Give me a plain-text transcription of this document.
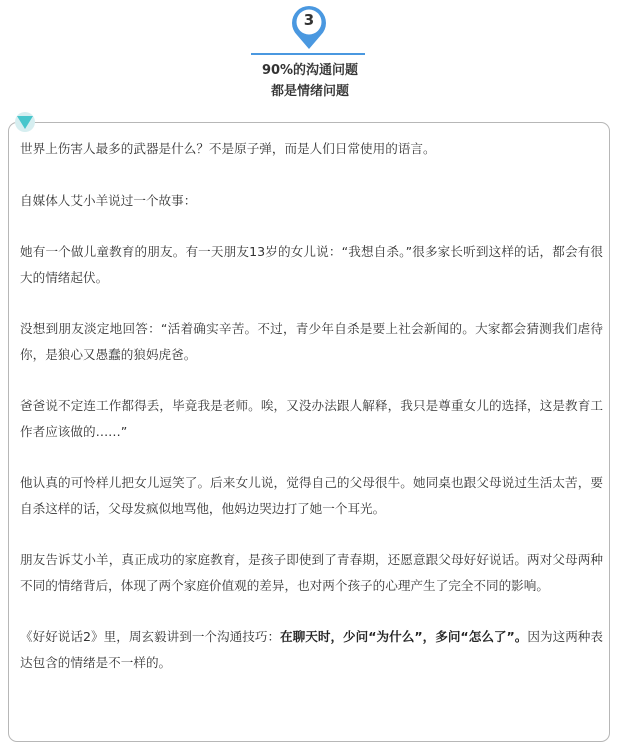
3
90%的沟通问题
都是情绪问题

世界上伤害人最多的武器是什么？不是原子弹，而是人们日常使用的语言。

自媒体人艾小羊说过一个故事：

她有一个做儿童教育的朋友。有一天朋友13岁的女儿说：“我想自杀。”很多家长听到这样的话，都会有很大的情绪起伏。

没想到朋友淡定地回答：“活着确实辛苦。不过，青少年自杀是要上社会新闻的。大家都会猜测我们虐待你，是狼心又愚蠢的狼妈虎爸。

爸爸说不定连工作都得丢，毕竟我是老师。唉，又没办法跟人解释，我只是尊重女儿的选择，这是教育工作者应该做的……”

他认真的可怜样儿把女儿逗笑了。后来女儿说，觉得自己的父母很牛。她同桌也跟父母说过生活太苦，要自杀这样的话，父母发疯似地骂他，他妈边哭边打了她一个耳光。

朋友告诉艾小羊，真正成功的家庭教育，是孩子即使到了青春期，还愿意跟父母好好说话。两对父母两种不同的情绪背后，体现了两个家庭价值观的差异，也对两个孩子的心理产生了完全不同的影响。

《好好说话2》里，周玄毅讲到一个沟通技巧：在聊天时，少问“为什么”，多问“怎么了”。因为这两种表达包含的情绪是不一样的。
